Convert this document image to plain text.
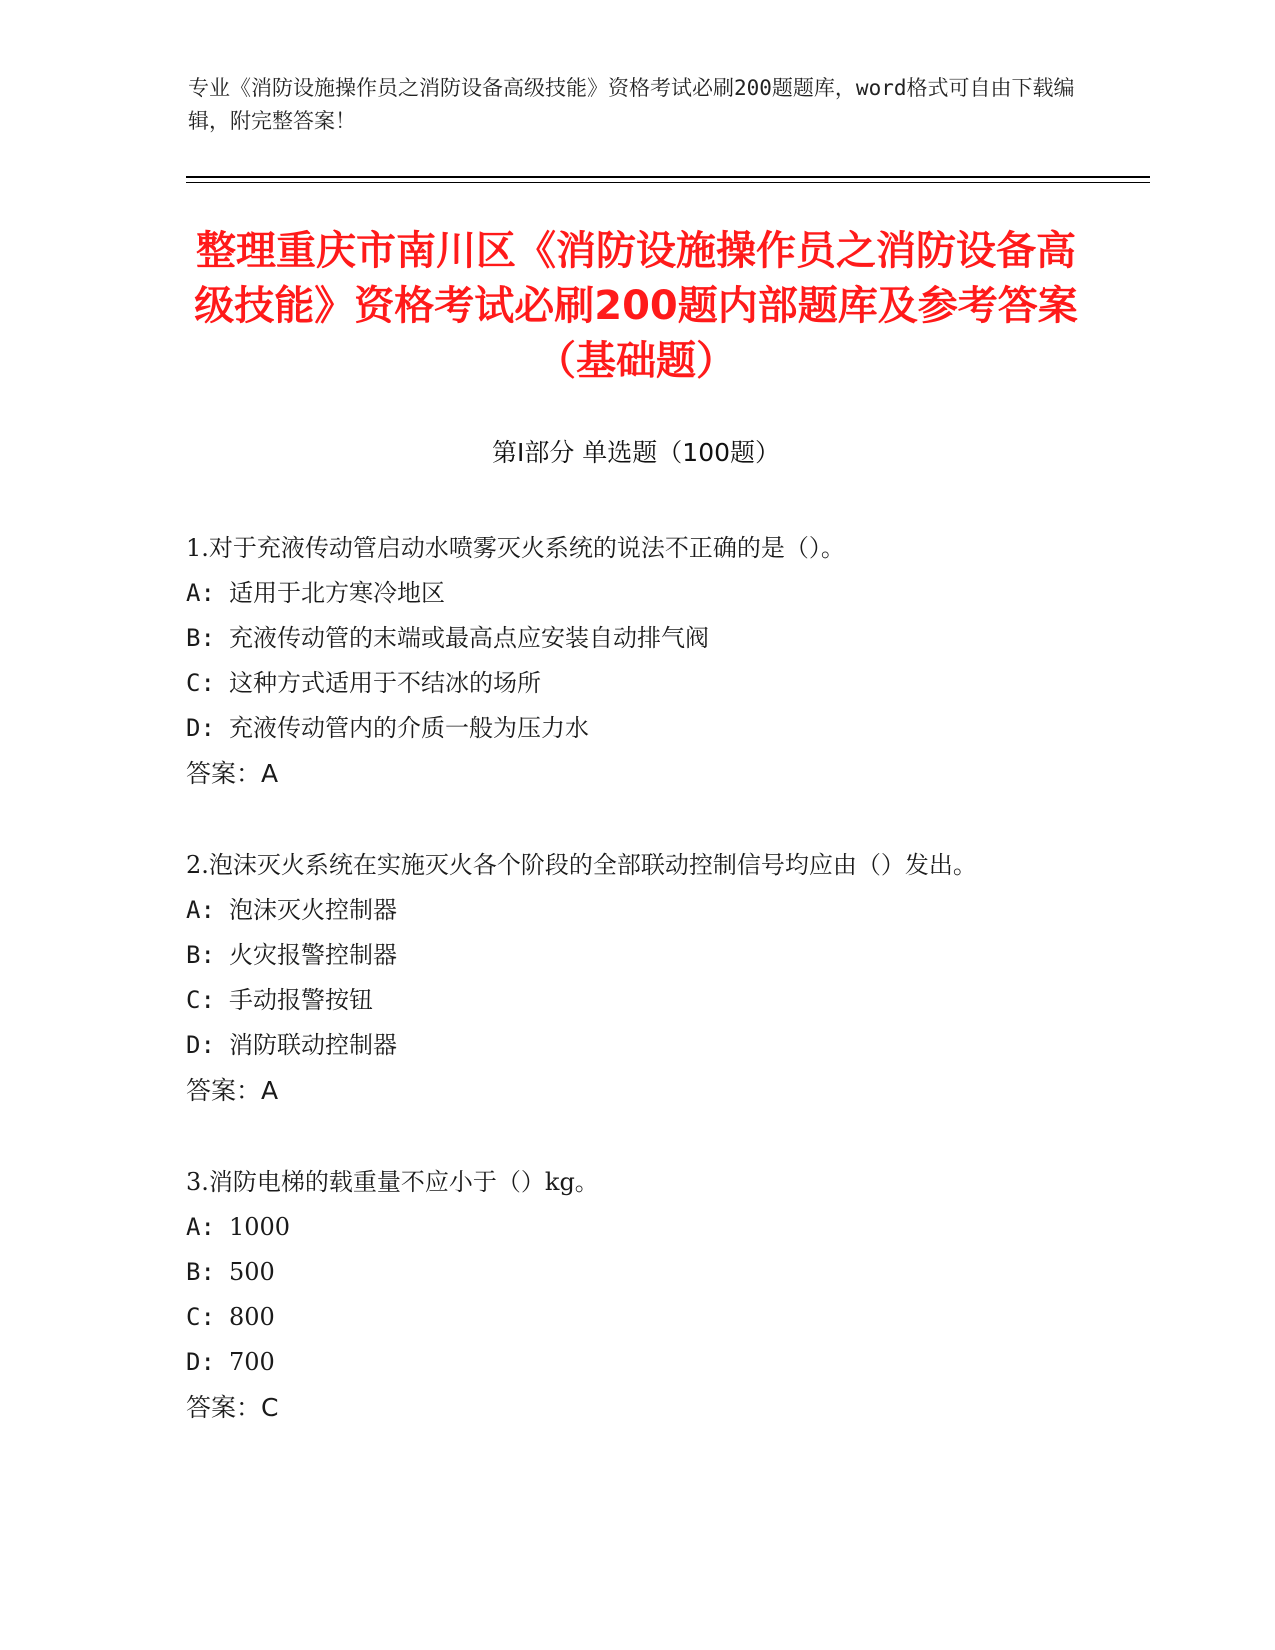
专业《消防设施操作员之消防设备高级技能》资格考试必刷200题题库，word格式可自由下载编辑，附完整答案！
整理重庆市南川区《消防设施操作员之消防设备高级技能》资格考试必刷200题内部题库及参考答案（基础题）
第Ⅰ部分 单选题（100题）

1.对于充液传动管启动水喷雾灭火系统的说法不正确的是（）。

A: 适用于北方寒冷地区

B: 充液传动管的末端或最高点应安装自动排气阀

C: 这种方式适用于不结冰的场所

D: 充液传动管内的介质一般为压力水

答案：A

2.泡沫灭火系统在实施灭火各个阶段的全部联动控制信号均应由（）发出。

A: 泡沫灭火控制器

B: 火灾报警控制器

C: 手动报警按钮

D: 消防联动控制器

答案：A

3.消防电梯的载重量不应小于（）kg。

A: 1000

B: 500

C: 800

D: 700

答案：C
